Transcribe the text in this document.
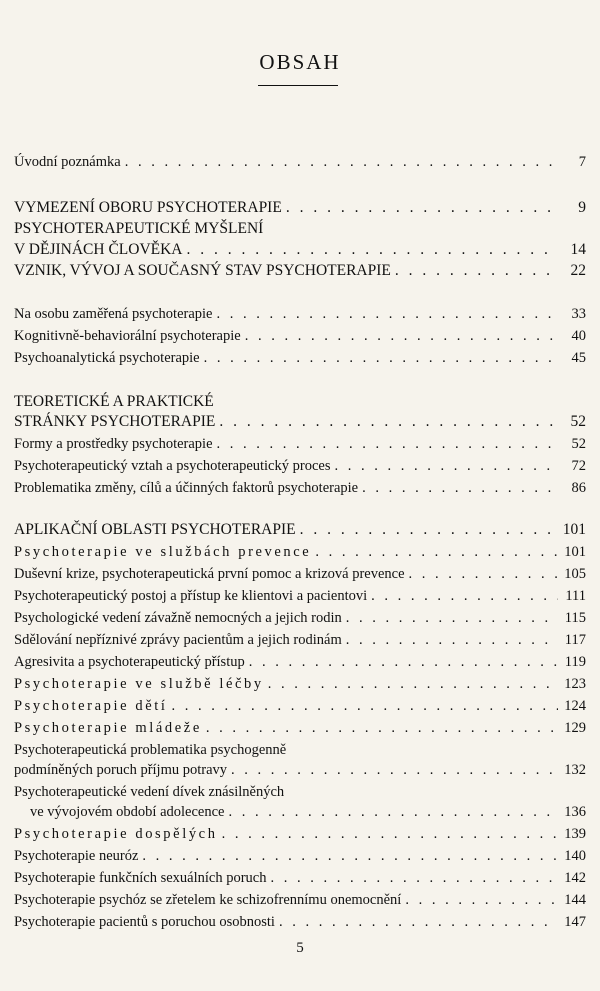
OBSAH
Úvodní poznámka . . .	7
VYMEZENÍ OBORU PSYCHOTERAPIE . . .	9
PSYCHOTERAPEUTICKÉ MYŠLENÍ
V DĚJINÁCH ČLOVĚKA . . .	14
VZNIK, VÝVOJ A SOUČASNÝ STAV PSYCHOTERAPIE . . .	22
Na osobu zaměřená psychoterapie . . .	33
Kognitivně-behaviorální psychoterapie . . .	40
Psychoanalytická psychoterapie . . .	45
TEORETICKÉ A PRAKTICKÉ
STRÁNKY PSYCHOTERAPIE . . .	52
Formy a prostředky psychoterapie . . .	52
Psychoterapeutický vztah a psychoterapeutický proces . . .	72
Problematika změny, cílů a účinných faktorů psychoterapie . . .	86
APLIKAČNÍ OBLASTI PSYCHOTERAPIE . . .	101
Psychoterapie ve službách prevence . . .	101
Duševní krize, psychoterapeutická první pomoc a krizová prevence . . .	105
Psychoterapeutický postoj a přístup ke klientovi a pacientovi . . .	111
Psychologické vedení závažně nemocných a jejich rodin . . .	115
Sdělování nepříznivé zprávy pacientům a jejich rodinám . . .	117
Agresivita a psychoterapeutický přístup . . .	119
Psychoterapie ve službě léčby . . .	123
Psychoterapie dětí . . .	124
Psychoterapie mládeže . . .	129
Psychoterapeutická problematika psychogenně
podmíněných poruch příjmu potravy . . .	132
Psychoterapeutické vedení dívek znásilněných
ve vývojovém období adolecence . . .	136
Psychoterapie dospělých . . .	139
Psychoterapie neuróz . . .	140
Psychoterapie funkčních sexuálních poruch . . .	142
Psychoterapie psychóz se zřetelem ke schizofrennímu onemocnění . . .	144
Psychoterapie pacientů s poruchou osobnosti . . .	147
5
